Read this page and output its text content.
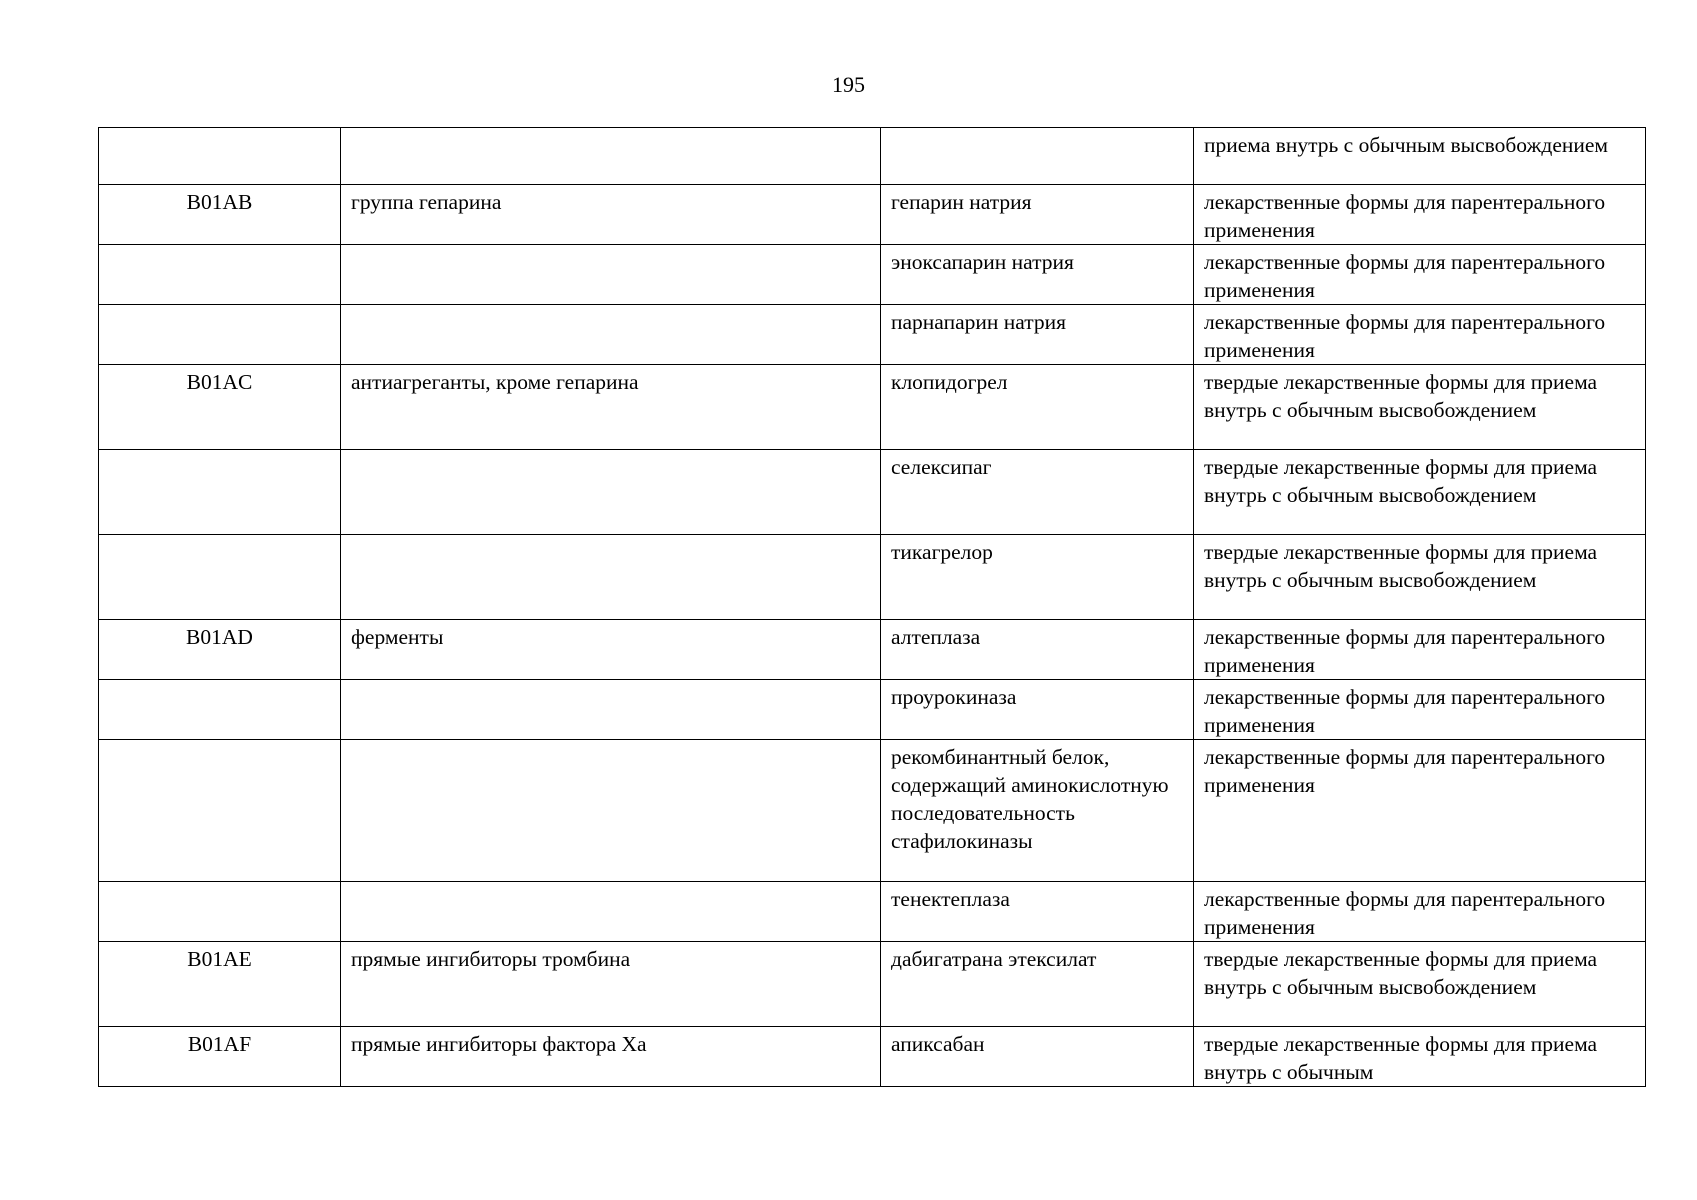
195
			приема внутрь с обычным высвобождением
B01AB	группа гепарина	гепарин натрия	лекарственные формы для парентерального применения
		эноксапарин натрия	лекарственные формы для парентерального применения
		парнапарин натрия	лекарственные формы для парентерального применения
B01AC	антиагреганты, кроме гепарина	клопидогрел	твердые лекарственные формы для приема внутрь с обычным высвобождением
		селексипаг	твердые лекарственные формы для приема внутрь с обычным высвобождением
		тикагрелор	твердые лекарственные формы для приема внутрь с обычным высвобождением
B01AD	ферменты	алтеплаза	лекарственные формы для парентерального применения
		проурокиназа	лекарственные формы для парентерального применения
		рекомбинантный белок, содержащий аминокислотную последовательность стафилокиназы	лекарственные формы для парентерального применения
		тенектеплаза	лекарственные формы для парентерального применения
B01AE	прямые ингибиторы тромбина	дабигатрана этексилат	твердые лекарственные формы для приема внутрь с обычным высвобождением
B01AF	прямые ингибиторы фактора Ха	апиксабан	твердые лекарственные формы для приема внутрь с обычным
